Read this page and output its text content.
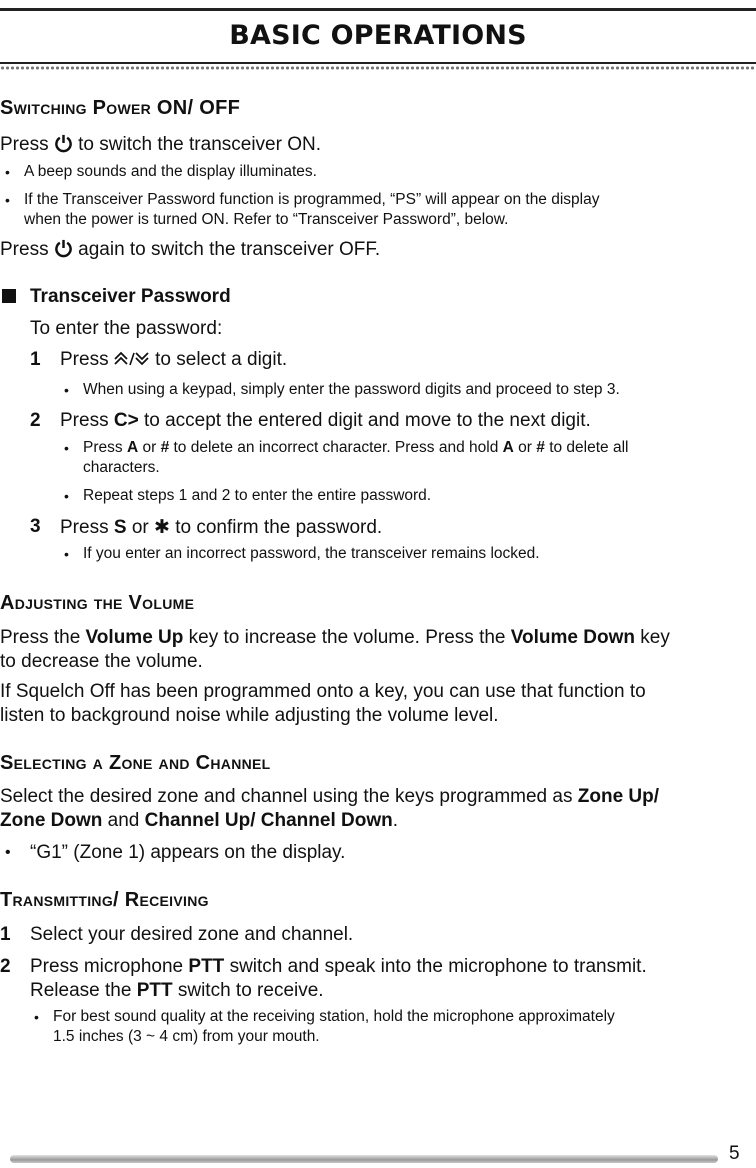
BASIC OPERATIONS
Switching Power ON/ OFF
Press to switch the transceiver ON.
• A beep sounds and the display illuminates.
• If the Transceiver Password function is programmed, “PS” will appear on the display
when the power is turned ON. Refer to “Transceiver Password”, below.
Press again to switch the transceiver OFF.
Transceiver Password
To enter the password:
1 Press to select a digit.
• When using a keypad, simply enter the password digits and proceed to step 3.
2 Press C> to accept the entered digit and move to the next digit.
• Press A or # to delete an incorrect character. Press and hold A or # to delete all
characters.
• Repeat steps 1 and 2 to enter the entire password.
3 Press S or ✱ to confirm the password.
• If you enter an incorrect password, the transceiver remains locked.
Adjusting the Volume
Press the Volume Up key to increase the volume. Press the Volume Down key
to decrease the volume.
If Squelch Off has been programmed onto a key, you can use that function to
listen to background noise while adjusting the volume level.
Selecting a Zone and Channel
Select the desired zone and channel using the keys programmed as Zone Up/
Zone Down and Channel Up/ Channel Down.
• “G1” (Zone 1) appears on the display.
Transmitting/ Receiving
1 Select your desired zone and channel.
2 Press microphone PTT switch and speak into the microphone to transmit.
Release the PTT switch to receive.
• For best sound quality at the receiving station, hold the microphone approximately
1.5 inches (3 ~ 4 cm) from your mouth.
5
